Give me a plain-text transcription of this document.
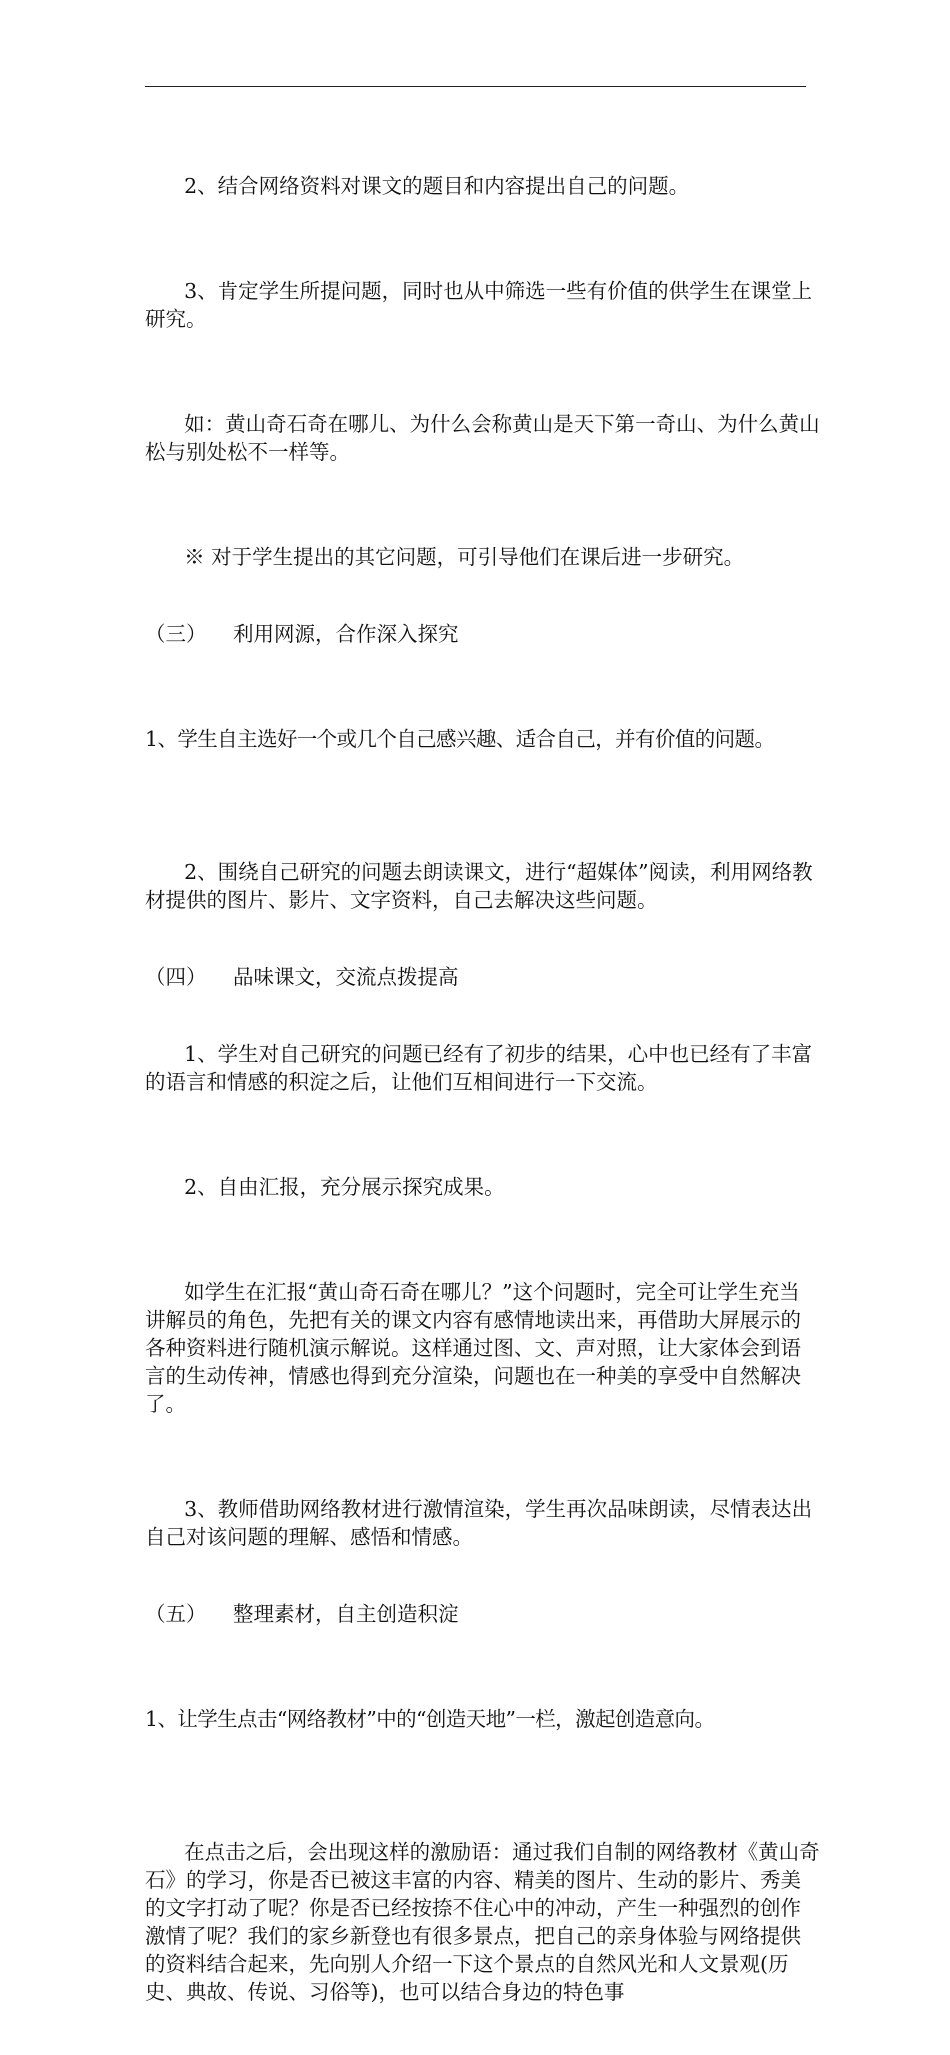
2、结合网络资料对课文的题目和内容提出自己的问题。

3、肯定学生所提问题，同时也从中筛选一些有价值的供学生在课堂上研究。

如：黄山奇石奇在哪儿、为什么会称黄山是天下第一奇山、为什么黄山松与别处松不一样等。

※ 对于学生提出的其它问题，可引导他们在课后进一步研究。

（三） 利用网源，合作深入探究

1、学生自主选好一个或几个自己感兴趣、适合自己，并有价值的问题。

2、围绕自己研究的问题去朗读课文，进行“超媒体”阅读，利用网络教材提供的图片、影片、文字资料，自己去解决这些问题。

（四） 品味课文，交流点拨提高

1、学生对自己研究的问题已经有了初步的结果，心中也已经有了丰富的语言和情感的积淀之后，让他们互相间进行一下交流。

2、自由汇报，充分展示探究成果。

如学生在汇报“黄山奇石奇在哪儿？”这个问题时，完全可让学生充当讲解员的角色，先把有关的课文内容有感情地读出来，再借助大屏展示的各种资料进行随机演示解说。这样通过图、文、声对照，让大家体会到语言的生动传神，情感也得到充分渲染，问题也在一种美的享受中自然解决了。

3、教师借助网络教材进行激情渲染，学生再次品味朗读，尽情表达出自己对该问题的理解、感悟和情感。

（五） 整理素材，自主创造积淀

1、让学生点击“网络教材”中的“创造天地”一栏，激起创造意向。

在点击之后，会出现这样的激励语：通过我们自制的网络教材《黄山奇石》的学习，你是否已被这丰富的内容、精美的图片、生动的影片、秀美的文字打动了呢？你是否已经按捺不住心中的冲动，产生一种强烈的创作激情了呢？我们的家乡新登也有很多景点，把自己的亲身体验与网络提供的资料结合起来，先向别人介绍一下这个景点的自然风光和人文景观(历史、典故、传说、习俗等)，也可以结合身边的特色事
